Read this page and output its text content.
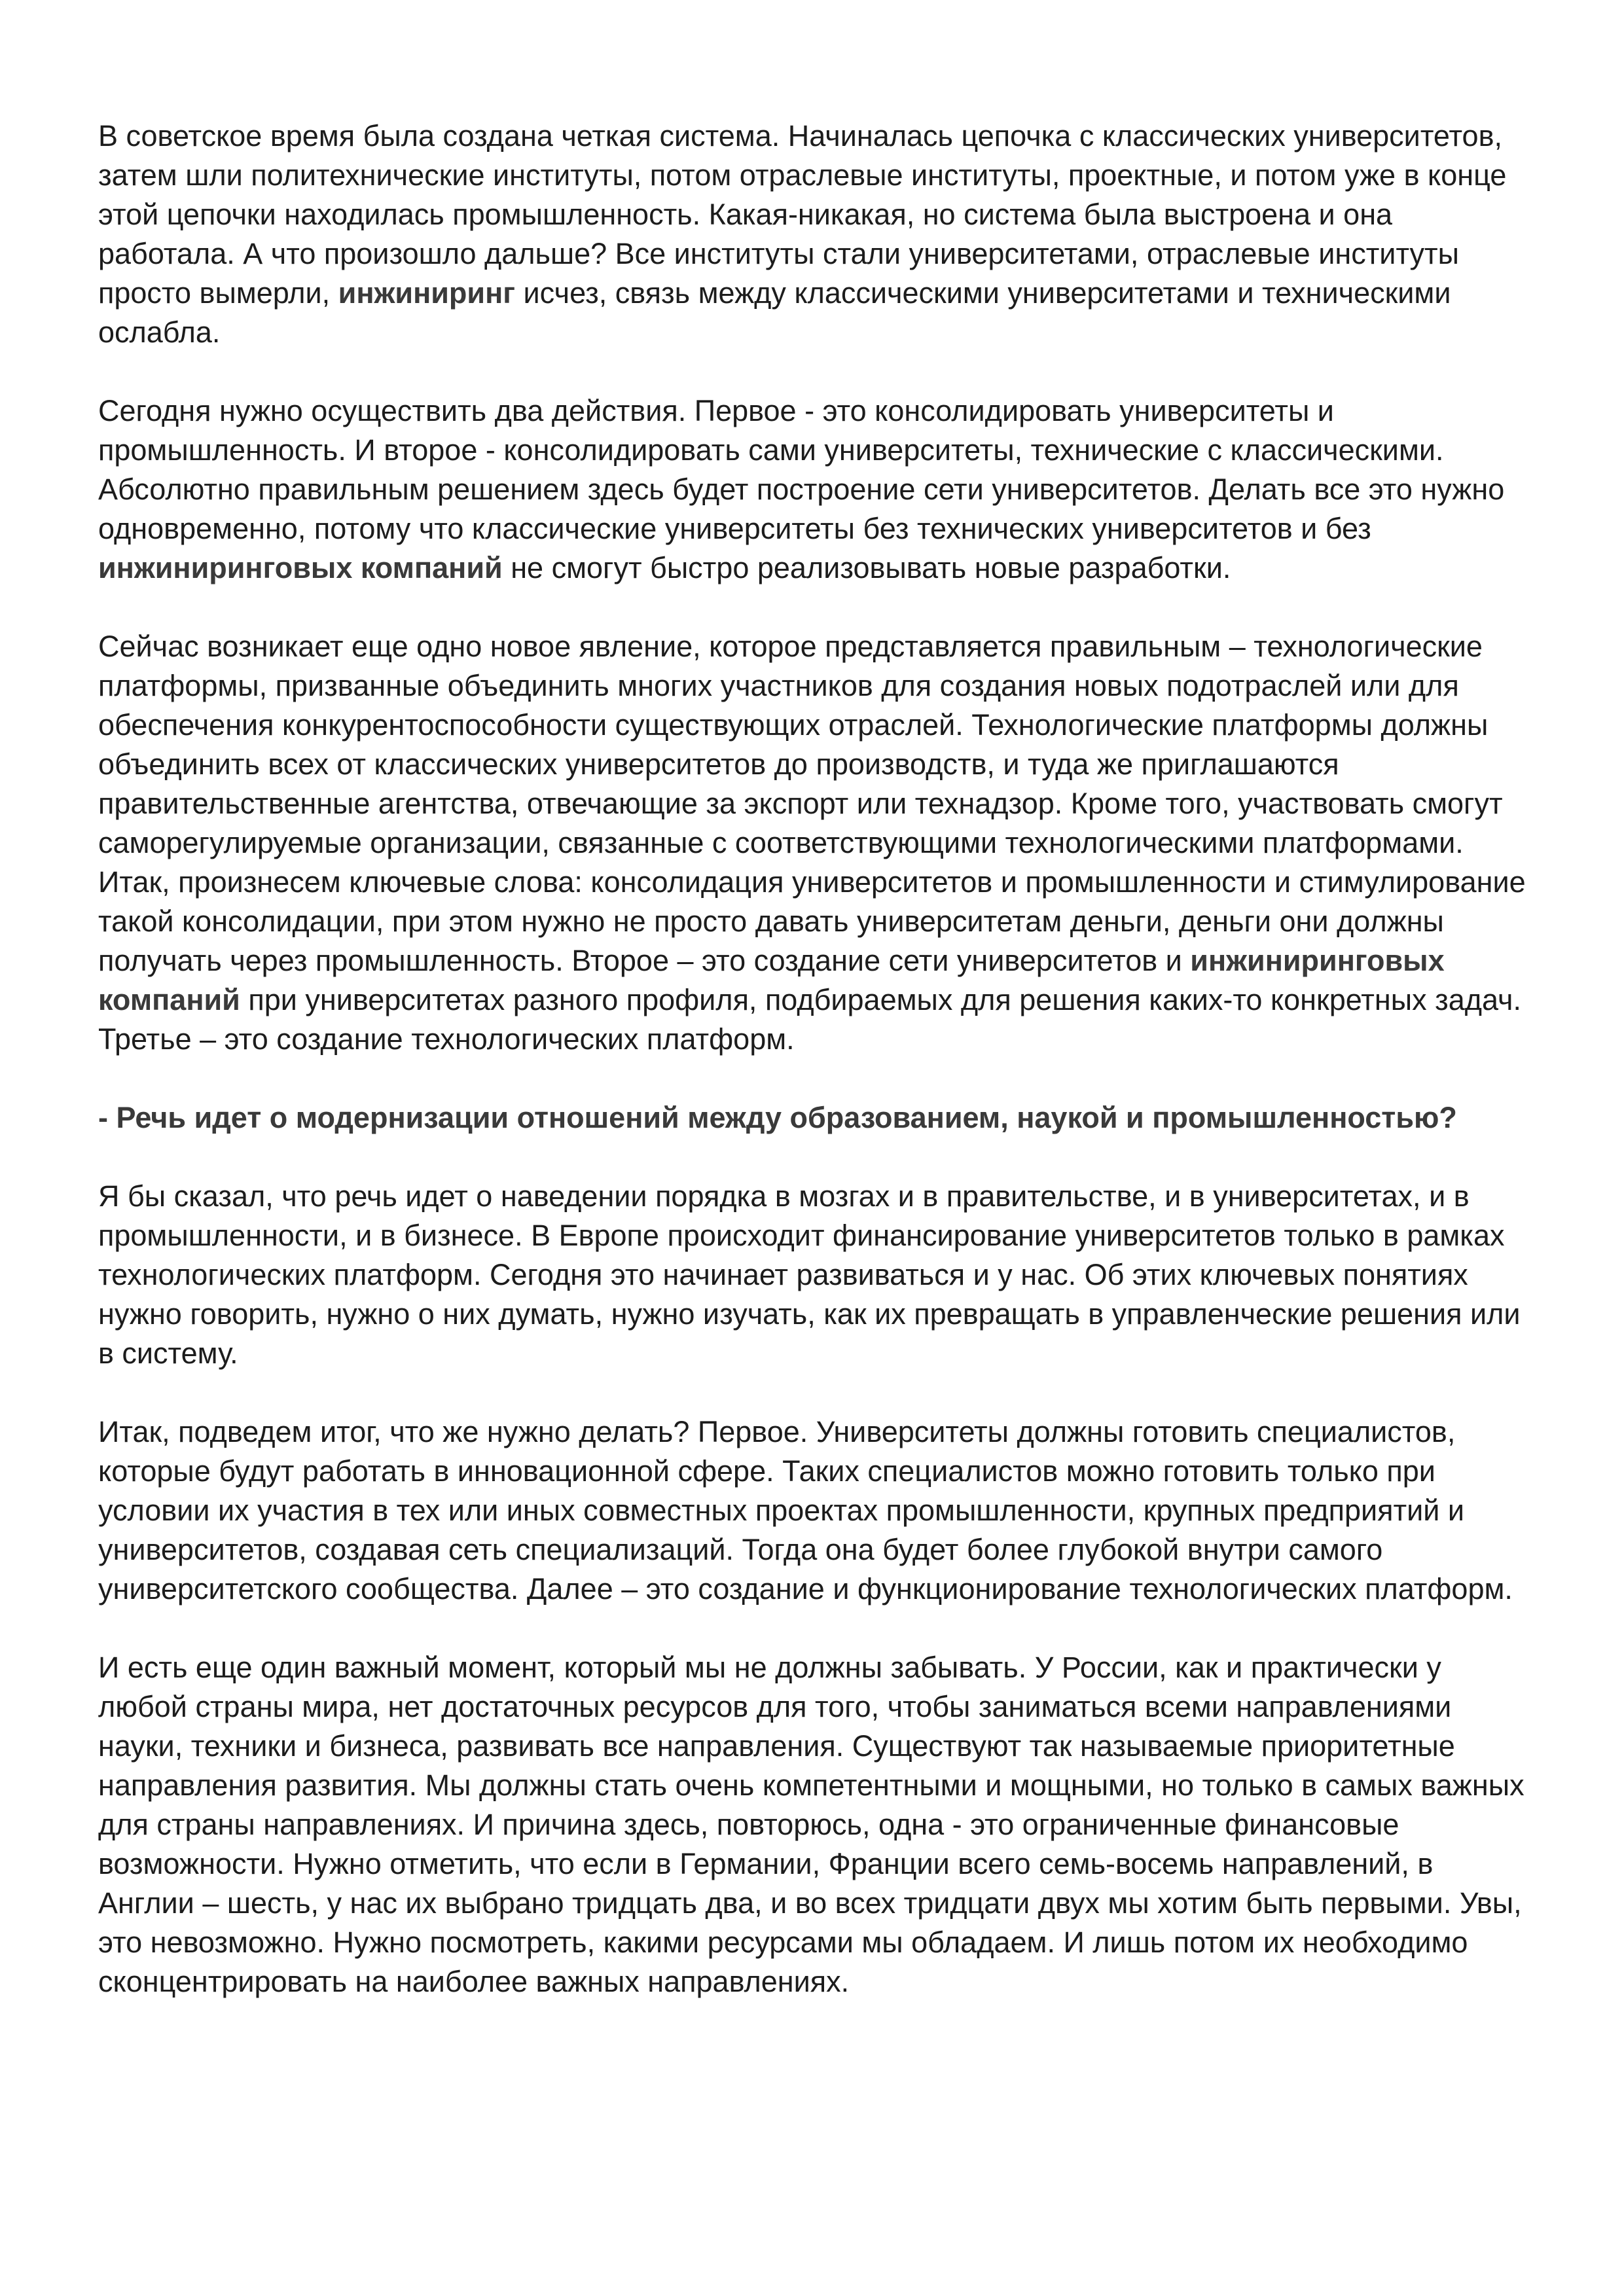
В советское время была создана четкая система. Начиналась цепочка с классических университетов, затем шли политехнические институты, потом отраслевые институты, проектные, и потом уже в конце этой цепочки находилась промышленность. Какая-никакая, но система была выстроена и она работала. А что произошло дальше? Все институты стали университетами, отраслевые институты просто вымерли, инжиниринг исчез, связь между классическими университетами и техническими ослабла.

Сегодня нужно осуществить два действия. Первое - это консолидировать университеты и промышленность. И второе - консолидировать сами университеты, технические с классическими. Абсолютно правильным решением здесь будет построение сети университетов. Делать все это нужно одновременно, потому что классические университеты без технических университетов и без инжиниринговых компаний не смогут быстро реализовывать новые разработки.

Сейчас возникает еще одно новое явление, которое представляется правильным – технологические платформы, призванные объединить многих участников для создания новых подотраслей или для обеспечения конкурентоспособности существующих отраслей. Технологические платформы должны объединить всех от классических университетов до производств, и туда же приглашаются правительственные агентства, отвечающие за экспорт или технадзор. Кроме того, участвовать смогут саморегулируемые организации, связанные с соответствующими технологическими платформами. Итак, произнесем ключевые слова: консолидация университетов и промышленности и стимулирование такой консолидации, при этом нужно не просто давать университетам деньги, деньги они должны получать через промышленность. Второе – это создание сети университетов и инжиниринговых компаний при университетах разного профиля, подбираемых для решения каких-то конкретных задач. Третье – это создание технологических платформ.

- Речь идет о модернизации отношений между образованием, наукой и промышленностью?

Я бы сказал, что речь идет о наведении порядка в мозгах и в правительстве, и в университетах, и в промышленности, и в бизнесе. В Европе происходит финансирование университетов только в рамках технологических платформ. Сегодня это начинает развиваться и у нас. Об этих ключевых понятиях нужно говорить, нужно о них думать, нужно изучать, как их превращать в управленческие решения или в систему.

Итак, подведем итог, что же нужно делать? Первое. Университеты должны готовить специалистов, которые будут работать в инновационной сфере. Таких специалистов можно готовить только при условии их участия в тех или иных совместных проектах промышленности, крупных предприятий и университетов, создавая сеть специализаций. Тогда она будет более глубокой внутри самого университетского сообщества. Далее – это создание и функционирование технологических платформ.

И есть еще один важный момент, который мы не должны забывать. У России, как и практически у любой страны мира, нет достаточных ресурсов для того, чтобы заниматься всеми направлениями науки, техники и бизнеса, развивать все направления. Существуют так называемые приоритетные направления развития. Мы должны стать очень компетентными и мощными, но только в самых важных для страны направлениях. И причина здесь, повторюсь, одна - это ограниченные финансовые возможности. Нужно отметить, что если в Германии, Франции всего семь-восемь направлений, в Англии – шесть, у нас их выбрано тридцать два, и во всех тридцати двух мы хотим быть первыми. Увы, это невозможно. Нужно посмотреть, какими ресурсами мы обладаем. И лишь потом их необходимо сконцентрировать на наиболее важных направлениях.
